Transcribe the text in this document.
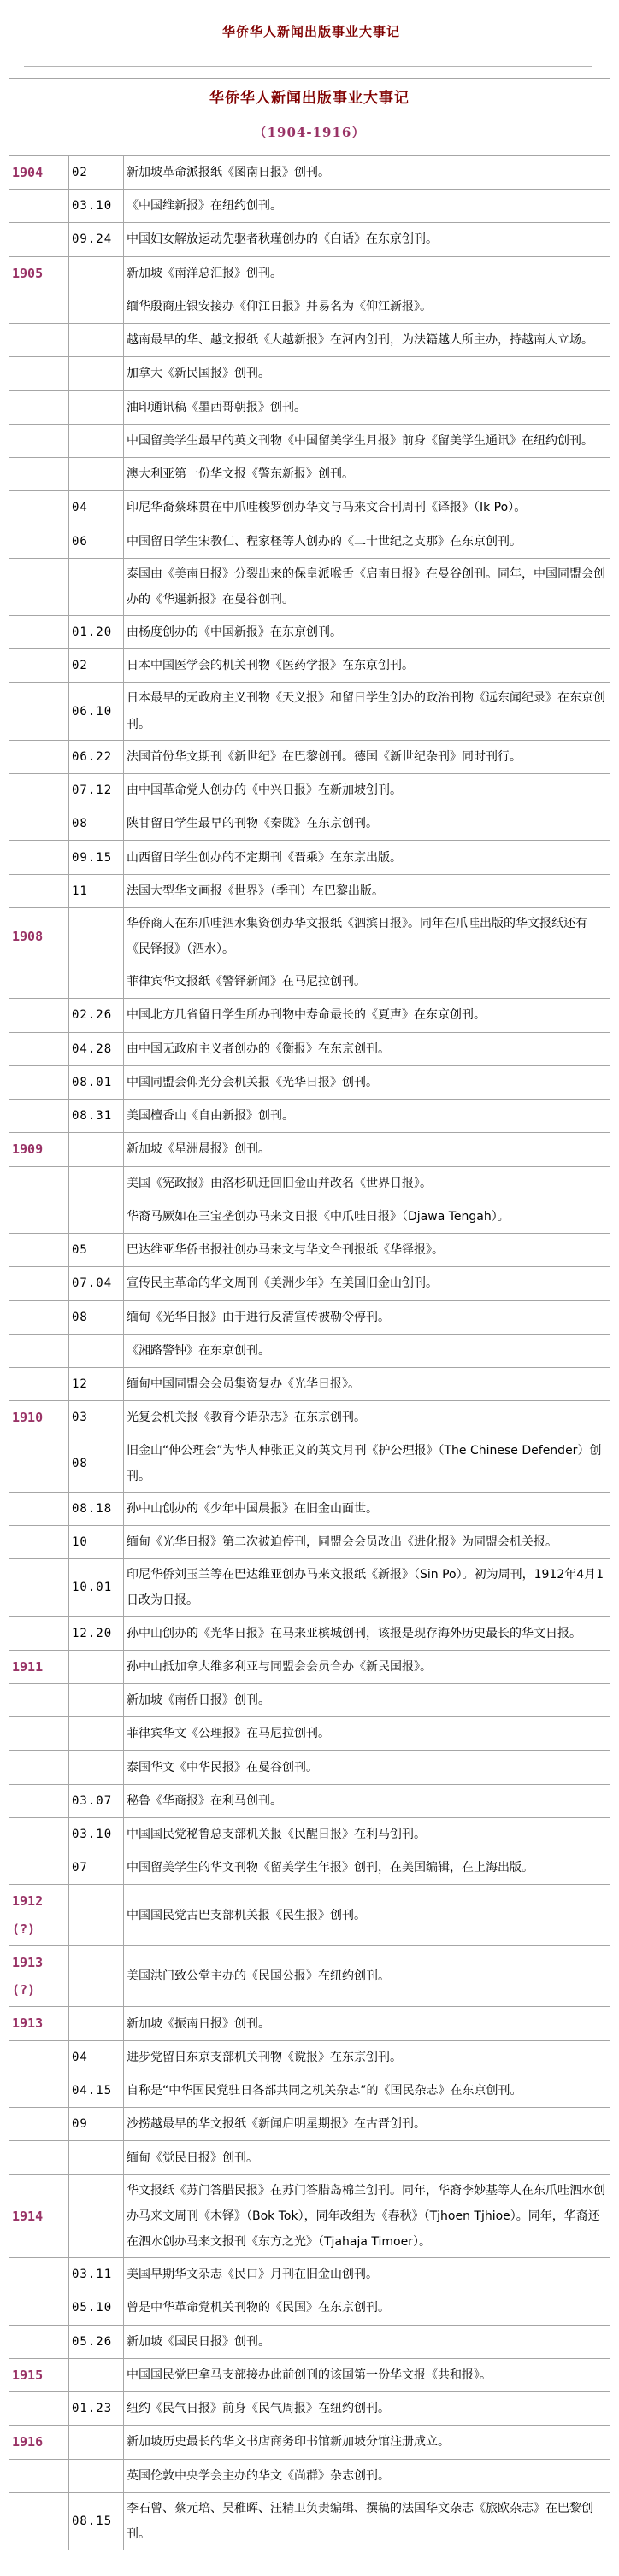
华侨华人新闻出版事业大事记
华侨华人新闻出版事业大事记
（1904-1916）		

1904	02	新加坡革命派报纸《图南日报》创刊。
	03.10	《中国维新报》在纽约创刊。
	09.24	中国妇女解放运动先驱者秋瑾创办的《白话》在东京创刊。
1905		新加坡《南洋总汇报》创刊。
		缅华殷商庄银安接办《仰江日报》并易名为《仰江新报》。
		越南最早的华、越文报纸《大越新报》在河内创刊，为法籍越人所主办，持越南人立场。
		加拿大《新民国报》创刊。
		油印通讯稿《墨西哥朝报》创刊。
		中国留美学生最早的英文刊物《中国留美学生月报》前身《留美学生通讯》在纽约创刊。
		澳大利亚第一份华文报《警东新报》创刊。
	04	印尼华裔蔡珠贯在中爪哇梭罗创办华文与马来文合刊周刊《译报》（Ik Po）。
	06	中国留日学生宋教仁、程家柽等人创办的《二十世纪之支那》在东京创刊。
		泰国由《美南日报》分裂出来的保皇派喉舌《启南日报》在曼谷创刊。同年，中国同盟会创办的《华暹新报》在曼谷创刊。
	01.20	由杨度创办的《中国新报》在东京创刊。
	02	日本中国医学会的机关刊物《医药学报》在东京创刊。
	06.10	日本最早的无政府主义刊物《天义报》和留日学生创办的政治刊物《远东闻纪录》在东京创刊。
	06.22	法国首份华文期刊《新世纪》在巴黎创刊。德国《新世纪杂刊》同时刊行。
	07.12	由中国革命党人创办的《中兴日报》在新加坡创刊。
	08	陕甘留日学生最早的刊物《秦陇》在东京创刊。
	09.15	山西留日学生创办的不定期刊《晋乘》在东京出版。
	11	法国大型华文画报《世界》（季刊）在巴黎出版。
1908		华侨商人在东爪哇泗水集资创办华文报纸《泗滨日报》。同年在爪哇出版的华文报纸还有《民铎报》（泗水）。
		菲律宾华文报纸《警铎新闻》在马尼拉创刊。
	02.26	中国北方几省留日学生所办刊物中寿命最长的《夏声》在东京创刊。
	04.28	由中国无政府主义者创办的《衡报》在东京创刊。
	08.01	中国同盟会仰光分会机关报《光华日报》创刊。
	08.31	美国檀香山《自由新报》创刊。
1909		新加坡《星洲晨报》创刊。
		美国《宪政报》由洛杉矶迁回旧金山并改名《世界日报》。
		华裔马厥如在三宝垄创办马来文日报《中爪哇日报》（Djawa Tengah）。
	05	巴达维亚华侨书报社创办马来文与华文合刊报纸《华铎报》。
	07.04	宣传民主革命的华文周刊《美洲少年》在美国旧金山创刊。
	08	缅甸《光华日报》由于进行反清宣传被勒令停刊。
		《湘路警钟》在东京创刊。
	12	缅甸中国同盟会会员集资复办《光华日报》。
1910	03	光复会机关报《教育今语杂志》在东京创刊。
	08	旧金山“伸公理会”为华人伸张正义的英文月刊《护公理报》（The Chinese Defender）创刊。
	08.18	孙中山创办的《少年中国晨报》在旧金山面世。
	10	缅甸《光华日报》第二次被迫停刊，同盟会会员改出《进化报》为同盟会机关报。
	10.01	印尼华侨刘玉兰等在巴达维亚创办马来文报纸《新报》（Sin Po）。初为周刊，1912年4月1日改为日报。
	12.20	孙中山创办的《光华日报》在马来亚槟城创刊，该报是现存海外历史最长的华文日报。
1911		孙中山抵加拿大维多利亚与同盟会会员合办《新民国报》。
		新加坡《南侨日报》创刊。
		菲律宾华文《公理报》在马尼拉创刊。
		泰国华文《中华民报》在曼谷创刊。
	03.07	秘鲁《华商报》在利马创刊。
	03.10	中国国民党秘鲁总支部机关报《民醒日报》在利马创刊。
	07	中国留美学生的华文刊物《留美学生年报》创刊，在美国编辑，在上海出版。
1912(?)		中国国民党古巴支部机关报《民生报》创刊。
1913(?)		美国洪门致公堂主办的《民国公报》在纽约创刊。
1913		新加坡《振南日报》创刊。
	04	进步党留日东京支部机关刊物《谠报》在东京创刊。
	04.15	自称是“中华国民党驻日各部共同之机关杂志”的《国民杂志》在东京创刊。
	09	沙捞越最早的华文报纸《新闻启明星期报》在古晋创刊。
		缅甸《觉民日报》创刊。
1914		华文报纸《苏门答腊民报》在苏门答腊岛棉兰创刊。同年，华裔李妙基等人在东爪哇泗水创办马来文周刊《木铎》（Bok Tok），同年改组为《春秋》（Tjhoen Tjhioe）。同年，华裔还在泗水创办马来文报刊《东方之光》（Tjahaja Timoer）。
	03.11	美国早期华文杂志《民口》月刊在旧金山创刊。
	05.10	曾是中华革命党机关刊物的《民国》在东京创刊。
	05.26	新加坡《国民日报》创刊。
1915		中国国民党巴拿马支部接办此前创刊的该国第一份华文报《共和报》。
	01.23	纽约《民气日报》前身《民气周报》在纽约创刊。
1916		新加坡历史最长的华文书店商务印书馆新加坡分馆注册成立。
		英国伦敦中央学会主办的华文《尚群》杂志创刊。
	08.15	李石曾、蔡元培、吴稚晖、汪精卫负责编辑、撰稿的法国华文杂志《旅欧杂志》在巴黎创刊。
